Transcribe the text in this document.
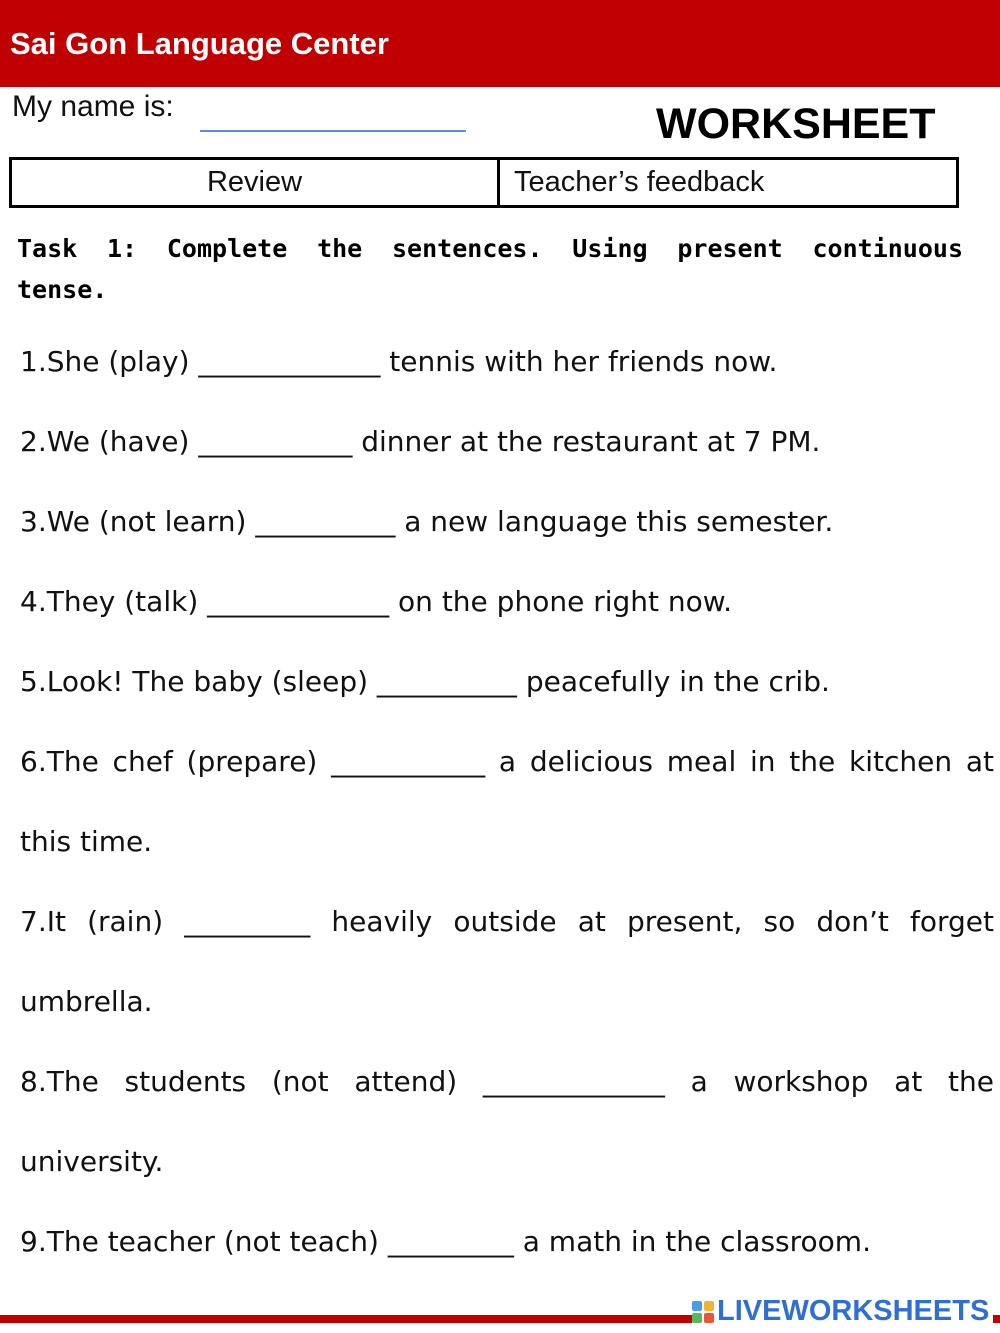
Sai Gon Language Center
My name is:	WORKSHEET
Review	Teacher’s feedback
Task 1: Complete the sentences. Using present continuous tense.

1.She (play) _____________ tennis with her friends now.

2.We (have) ___________ dinner at the restaurant at 7 PM.

3.We (not learn) __________ a new language this semester.

4.They (talk) _____________ on the phone right now.

5.Look! The baby (sleep) __________ peacefully in the crib.

6.The chef (prepare) ___________ a delicious meal in the kitchen at this time.

7.It (rain) _________ heavily outside at present, so don’t forget umbrella.

8.The students (not attend) _____________ a workshop at the university.

9.The teacher (not teach) _________ a math in the classroom.

LIVEWORKSHEETS
